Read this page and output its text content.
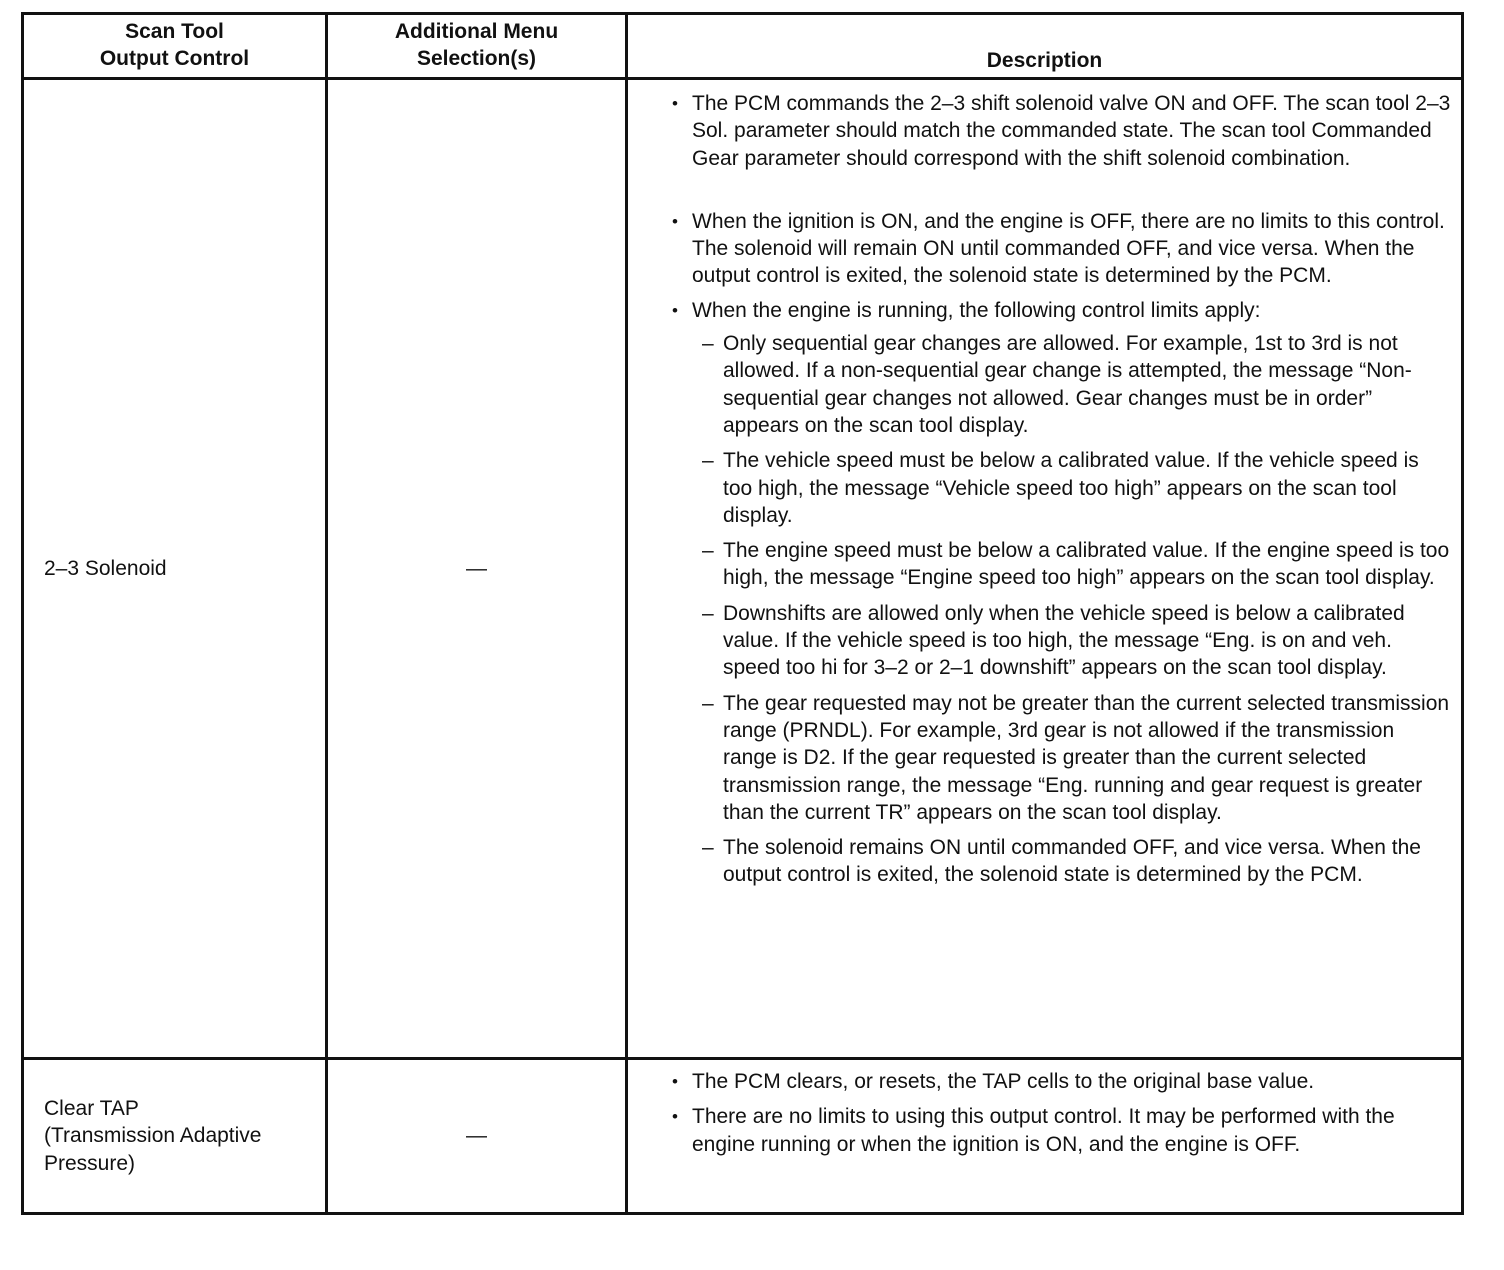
Scan Tool
Output Control
Additional Menu
Selection(s)	Description
2–3 Solenoid	—
• The PCM commands the 2–3 shift solenoid valve ON and OFF. The scan tool 2–3 Sol. parameter should match the commanded state. The scan tool Commanded Gear parameter should correspond with the shift solenoid combination.
• When the ignition is ON, and the engine is OFF, there are no limits to this control. The solenoid will remain ON until commanded OFF, and vice versa. When the output control is exited, the solenoid state is determined by the PCM.
• When the engine is running, the following control limits apply:
– Only sequential gear changes are allowed. For example, 1st to 3rd is not allowed. If a non-sequential gear change is attempted, the message “Non-sequential gear changes not allowed. Gear changes must be in order” appears on the scan tool display.
– The vehicle speed must be below a calibrated value. If the vehicle speed is too high, the message “Vehicle speed too high” appears on the scan tool display.
– The engine speed must be below a calibrated value. If the engine speed is too high, the message “Engine speed too high” appears on the scan tool display.
– Downshifts are allowed only when the vehicle speed is below a calibrated value. If the vehicle speed is too high, the message “Eng. is on and veh. speed too hi for 3–2 or 2–1 downshift” appears on the scan tool display.
– The gear requested may not be greater than the current selected transmission range (PRNDL). For example, 3rd gear is not allowed if the transmission range is D2. If the gear requested is greater than the current selected transmission range, the message “Eng. running and gear request is greater than the current TR” appears on the scan tool display.
– The solenoid remains ON until commanded OFF, and vice versa. When the output control is exited, the solenoid state is determined by the PCM.
Clear TAP
(Transmission Adaptive Pressure)
—
• The PCM clears, or resets, the TAP cells to the original base value.
• There are no limits to using this output control. It may be performed with the engine running or when the ignition is ON, and the engine is OFF.
